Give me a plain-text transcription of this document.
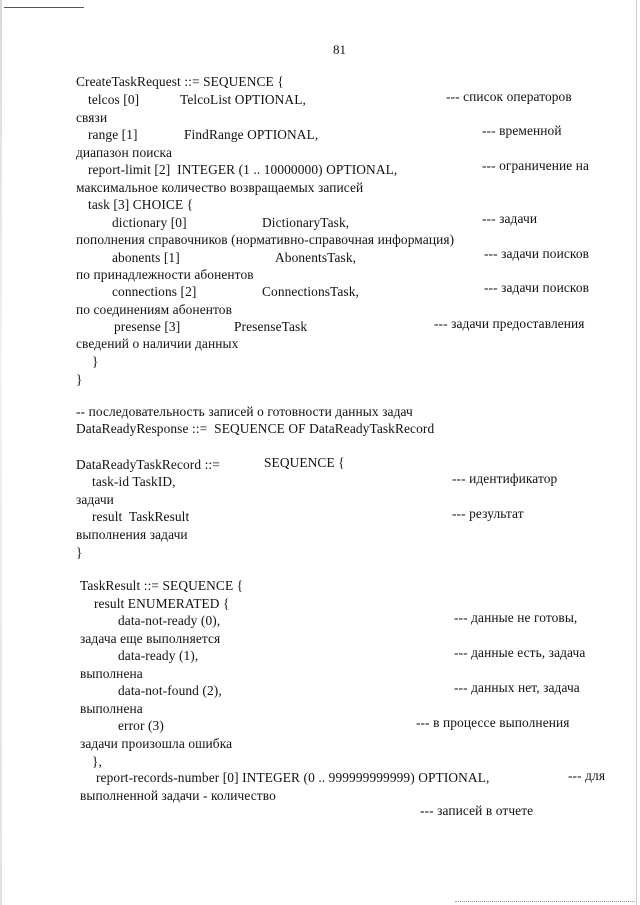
81
CreateTaskRequest ::= SEQUENCE {
telcos [0]	TelcoList OPTIONAL,	--- список операторов
связи
range [1]	FindRange OPTIONAL,	--- временной
диапазон поиска
report-limit [2]  INTEGER (1 .. 10000000) OPTIONAL,	--- ограничение на
максимальное количество возвращаемых записей
task [3] CHOICE {
dictionary [0]	DictionaryTask,	--- задачи
пополнения справочников (нормативно-справочная информация)
abonents [1]	AbonentsTask,	--- задачи поисков
по принадлежности абонентов
connections [2]	ConnectionsTask,	--- задачи поисков
по соединениям абонентов
presense [3]	PresenseTask	--- задачи предоставления
сведений о наличии данных
}
}
-- последовательность записей о готовности данных задач
DataReadyResponse ::=  SEQUENCE OF DataReadyTaskRecord
DataReadyTaskRecord ::=	SEQUENCE {
task-id TaskID,	--- идентификатор
задачи
result  TaskResult	--- результат
выполнения задачи
}
TaskResult ::= SEQUENCE {
result ENUMERATED {
data-not-ready (0),	--- данные не готовы,
задача еще выполняется
data-ready (1),	--- данные есть, задача
выполнена
data-not-found (2),	--- данных нет, задача
выполнена
error (3)	--- в процессе выполнения
задачи произошла ошибка
},
report-records-number [0] INTEGER (0 .. 999999999999) OPTIONAL,	--- для
выполненной задачи - количество
--- записей в отчете
